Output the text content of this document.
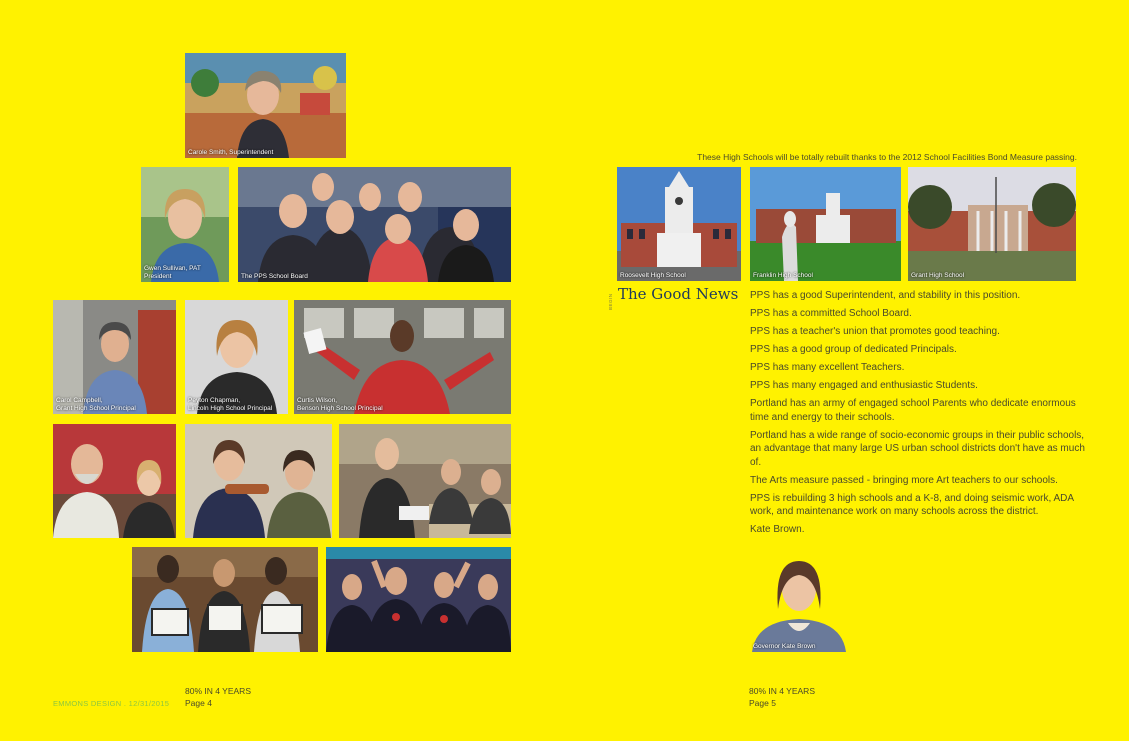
Carole Smith, Superintendent
Gwen Sullivan, PAT President	The PPS School Board
Carol Campbell,
Grant High School Principal
Peyton Chapman,
Lincoln High School Principal
Curtis Wilson,
Benson High School Principal
EMMONS DESIGN . 12/31/2015
80% IN 4 YEARS
Page 4
These High Schools will be totally rebuilt thanks to the 2012 School Facilities Bond Measure passing.
Roosevelt High School	Franklin High School	Grant High School
BEGIN The Good News PPS has a good Superintendent, and stability in this position.
PPS has a committed School Board.
PPS has a teacher's union that promotes good teaching.
PPS has a good group of dedicated Principals.
PPS has many excellent Teachers.
PPS has many engaged and enthusiastic Students.
Portland has an army of engaged school Parents who dedicate enormous time and energy to their schools.
Portland has a wide range of socio-economic groups in their public schools, an advantage that many large US urban school districts don't have as much of.
The Arts measure passed - bringing more Art teachers to our schools.
PPS is rebuilding 3 high schools and a K-8, and doing seismic work, ADA work, and maintenance work on many schools across the district.
Kate Brown.
Governor Kate Brown
80% IN 4 YEARS
Page 5
